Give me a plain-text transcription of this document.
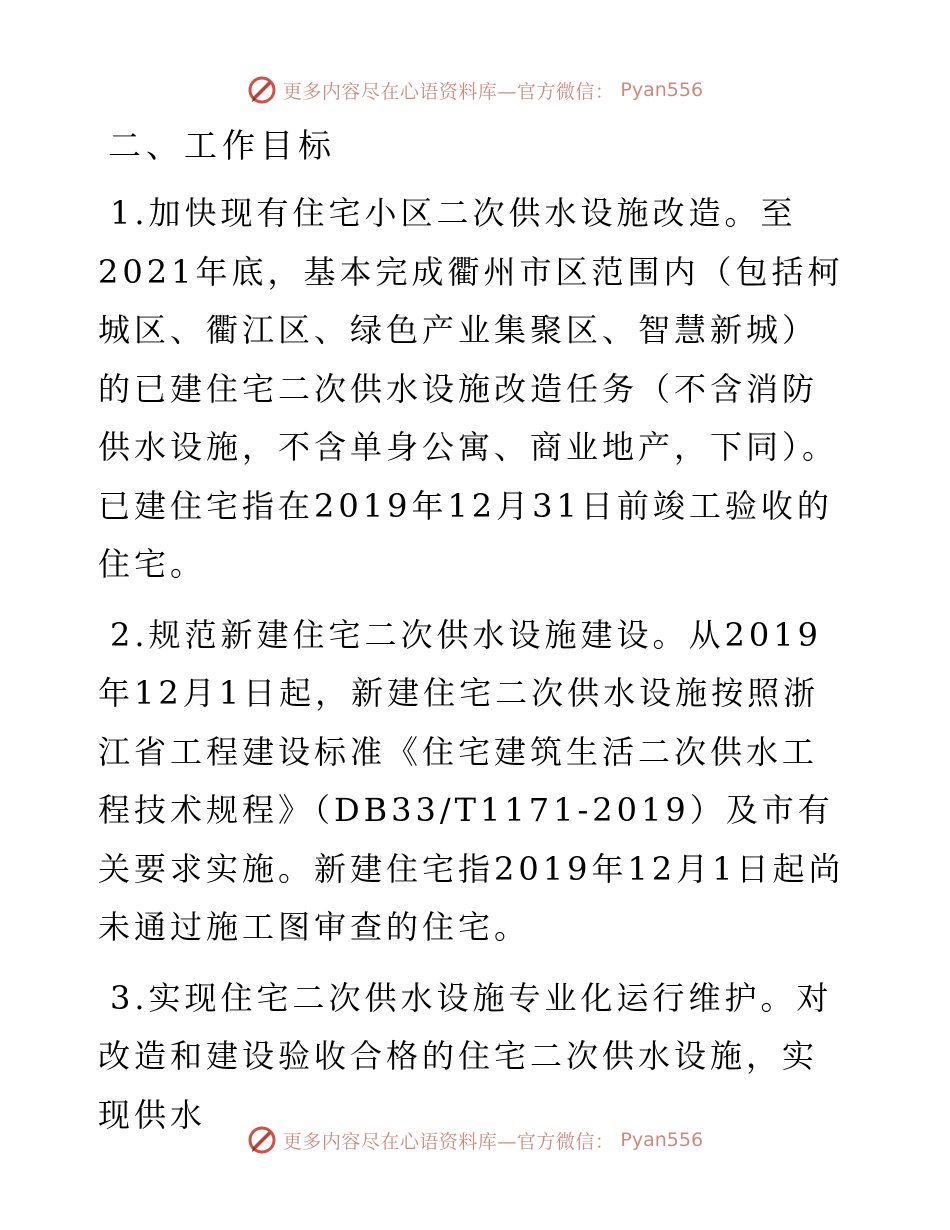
更多内容尽在心语资料库—官方微信： Pyan556
二、工作目标

1.加快现有住宅小区二次供水设施改造。至2021年底，基本完成衢州市区范围内（包括柯城区、衢江区、绿色产业集聚区、智慧新城）的已建住宅二次供水设施改造任务（不含消防供水设施，不含单身公寓、商业地产，下同）。已建住宅指在2019年12月31日前竣工验收的住宅。

2.规范新建住宅二次供水设施建设。从2019年12月1日起，新建住宅二次供水设施按照浙江省工程建设标准《住宅建筑生活二次供水工程技术规程》（DB33/T1171-2019）及市有关要求实施。新建住宅指2019年12月1日起尚未通过施工图审查的住宅。

3.实现住宅二次供水设施专业化运行维护。对改造和建设验收合格的住宅二次供水设施，实现供水

更多内容尽在心语资料库—官方微信： Pyan556
